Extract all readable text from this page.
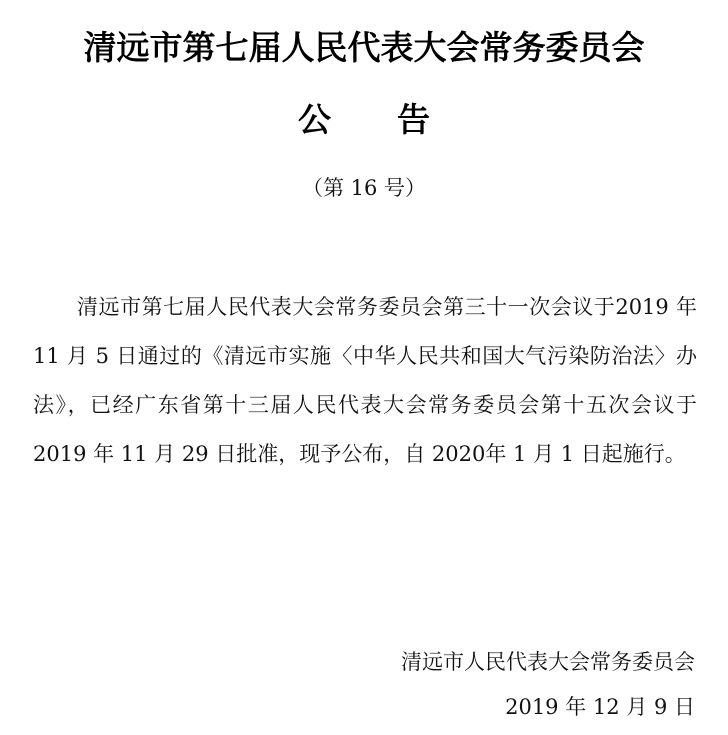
清远市第七届人民代表大会常务委员会
公告
（第 16 号）
清远市第七届人民代表大会常务委员会第三十一次会议于2019 年 11 月 5 日通过的《清远市实施〈中华人民共和国大气污染防治法〉办法》，已经广东省第十三届人民代表大会常务委员会第十五次会议于 2019 年 11 月 29 日批准，现予公布，自 2020年 1 月 1 日起施行。
清远市人民代表大会常务委员会
2019 年 12 月 9 日
